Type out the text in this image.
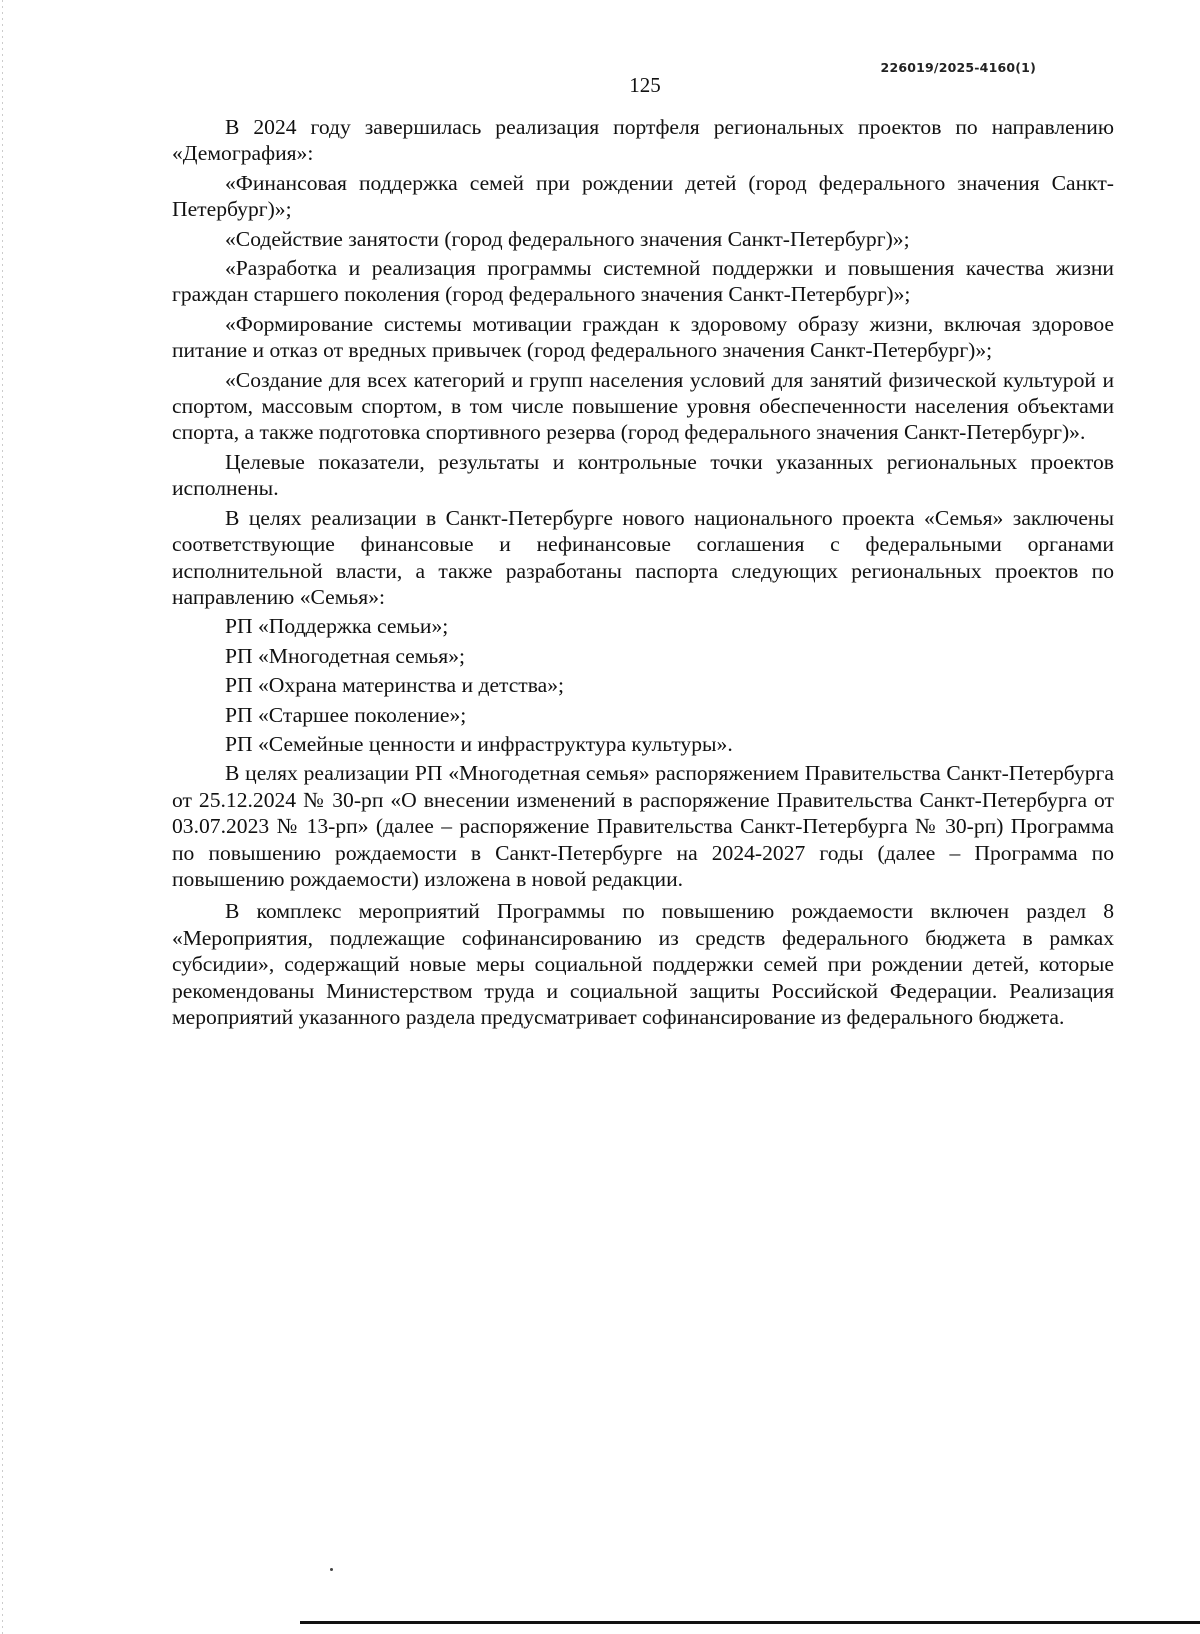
226019/2025-4160(1)
125

В 2024 году завершилась реализация портфеля региональных проектов по направлению «Демография»:

«Финансовая поддержка семей при рождении детей (город федерального значения Санкт-Петербург)»;

«Содействие занятости (город федерального значения Санкт-Петербург)»;

«Разработка и реализация программы системной поддержки и повышения качества жизни граждан старшего поколения (город федерального значения Санкт-Петербург)»;

«Формирование системы мотивации граждан к здоровому образу жизни, включая здоровое питание и отказ от вредных привычек (город федерального значения Санкт-Петербург)»;

«Создание для всех категорий и групп населения условий для занятий физической культурой и спортом, массовым спортом, в том числе повышение уровня обеспеченности населения объектами спорта, а также подготовка спортивного резерва (город федерального значения Санкт-Петербург)».

Целевые показатели, результаты и контрольные точки указанных региональных проектов исполнены.

В целях реализации в Санкт-Петербурге нового национального проекта «Семья» заключены соответствующие финансовые и нефинансовые соглашения с федеральными органами исполнительной власти, а также разработаны паспорта следующих региональных проектов по направлению «Семья»:

РП «Поддержка семьи»;

РП «Многодетная семья»;

РП «Охрана материнства и детства»;

РП «Старшее поколение»;

РП «Семейные ценности и инфраструктура культуры».

В целях реализации РП «Многодетная семья» распоряжением Правительства Санкт-Петербурга от 25.12.2024 № 30-рп «О внесении изменений в распоряжение Правительства Санкт-Петербурга от 03.07.2023 № 13-рп» (далее – распоряжение Правительства Санкт-Петербурга № 30-рп) Программа по повышению рождаемости в Санкт-Петербурге на 2024-2027 годы (далее – Программа по повышению рождаемости) изложена в новой редакции.

В комплекс мероприятий Программы по повышению рождаемости включен раздел 8 «Мероприятия, подлежащие софинансированию из средств федерального бюджета в рамках субсидии», содержащий новые меры социальной поддержки семей при рождении детей, которые рекомендованы Министерством труда и социальной защиты Российской Федерации. Реализация мероприятий указанного раздела предусматривает софинансирование из федерального бюджета.
